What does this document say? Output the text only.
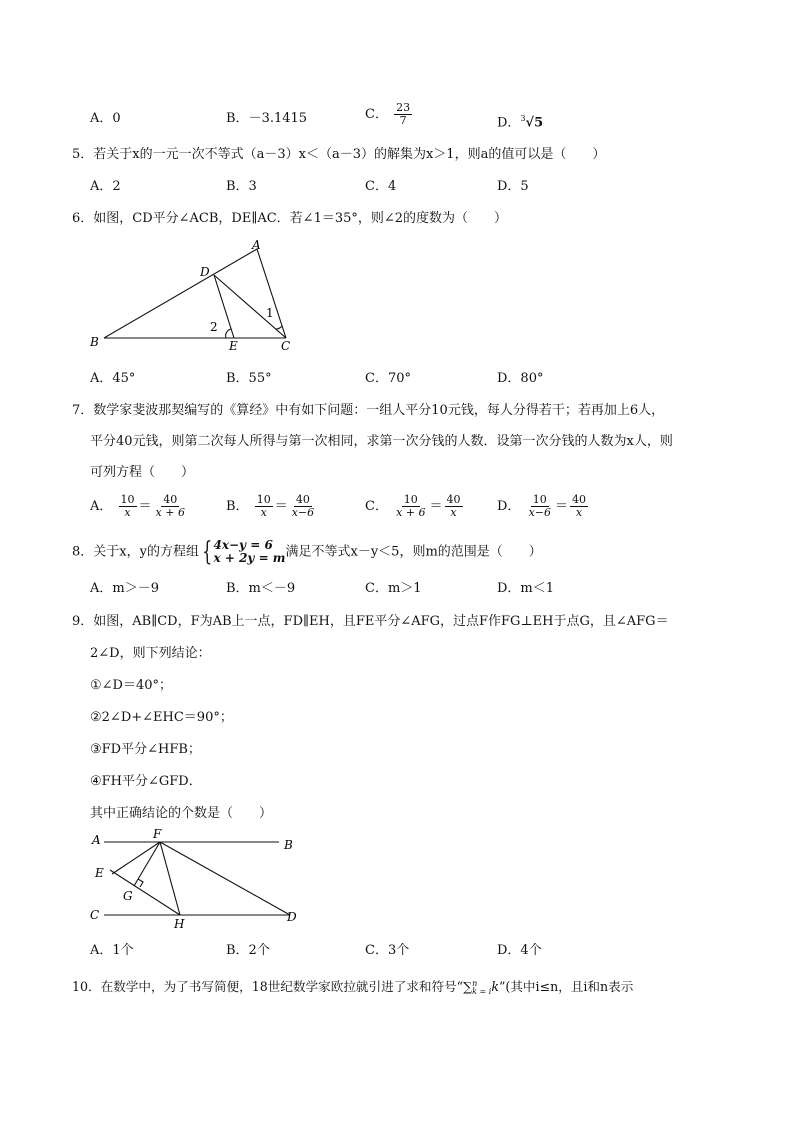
A．0	B．－3.1415	C． $\frac{23}{7}$	D．$^3$√5
5．若关于x的一元一次不等式（a－3）x＜（a－3）的解集为x＞1，则a的值可以是（　　）
A．2	B．3	C．4	D．5
6．如图，CD平分∠ACB，DE∥AC．若∠1＝35°，则∠2的度数为（　　）
A
B	C
D
E
1
2
A．45°	B．55°	C．70°	D．80°
7．数学家斐波那契编写的《算经》中有如下问题：一组人平分10元钱，每人分得若干；若再加上6人，
平分40元钱，则第二次每人所得与第一次相同，求第一次分钱的人数．设第一次分钱的人数为x人，则
可列方程（　　）
A． $\frac{10}{x} = \frac{40}{x + 6}$	B． $\frac{10}{x} = \frac{40}{x-6}$	C． $\frac{10}{x + 6} = \frac{40}{x}$	D． $\frac{10}{x-6} = \frac{40}{x}$
8．关于x，y的方程组 { 4x−y = 6
x + 2y = m 满足不等式x－y＜5，则m的范围是（　　）
A．m＞－9	B．m＜－9	C．m＞1	D．m＜1
9．如图，AB∥CD，F为AB上一点，FD∥EH，且FE平分∠AFG，过点F作FG⊥EH于点G，且∠AFG＝
2∠D，则下列结论：
①∠D＝40°；
②2∠D+∠EHC＝90°；
③FD平分∠HFB；
④FH平分∠GFD．
其中正确结论的个数是（　　）
A	B
C	D
E
F
G
H
A．1个	B．2个	C．3个	D．4个
10．在数学中，为了书写简便，18世纪数学家欧拉就引进了求和符号“∑ n
k = i k”(其中i≤n，且i和n表示
